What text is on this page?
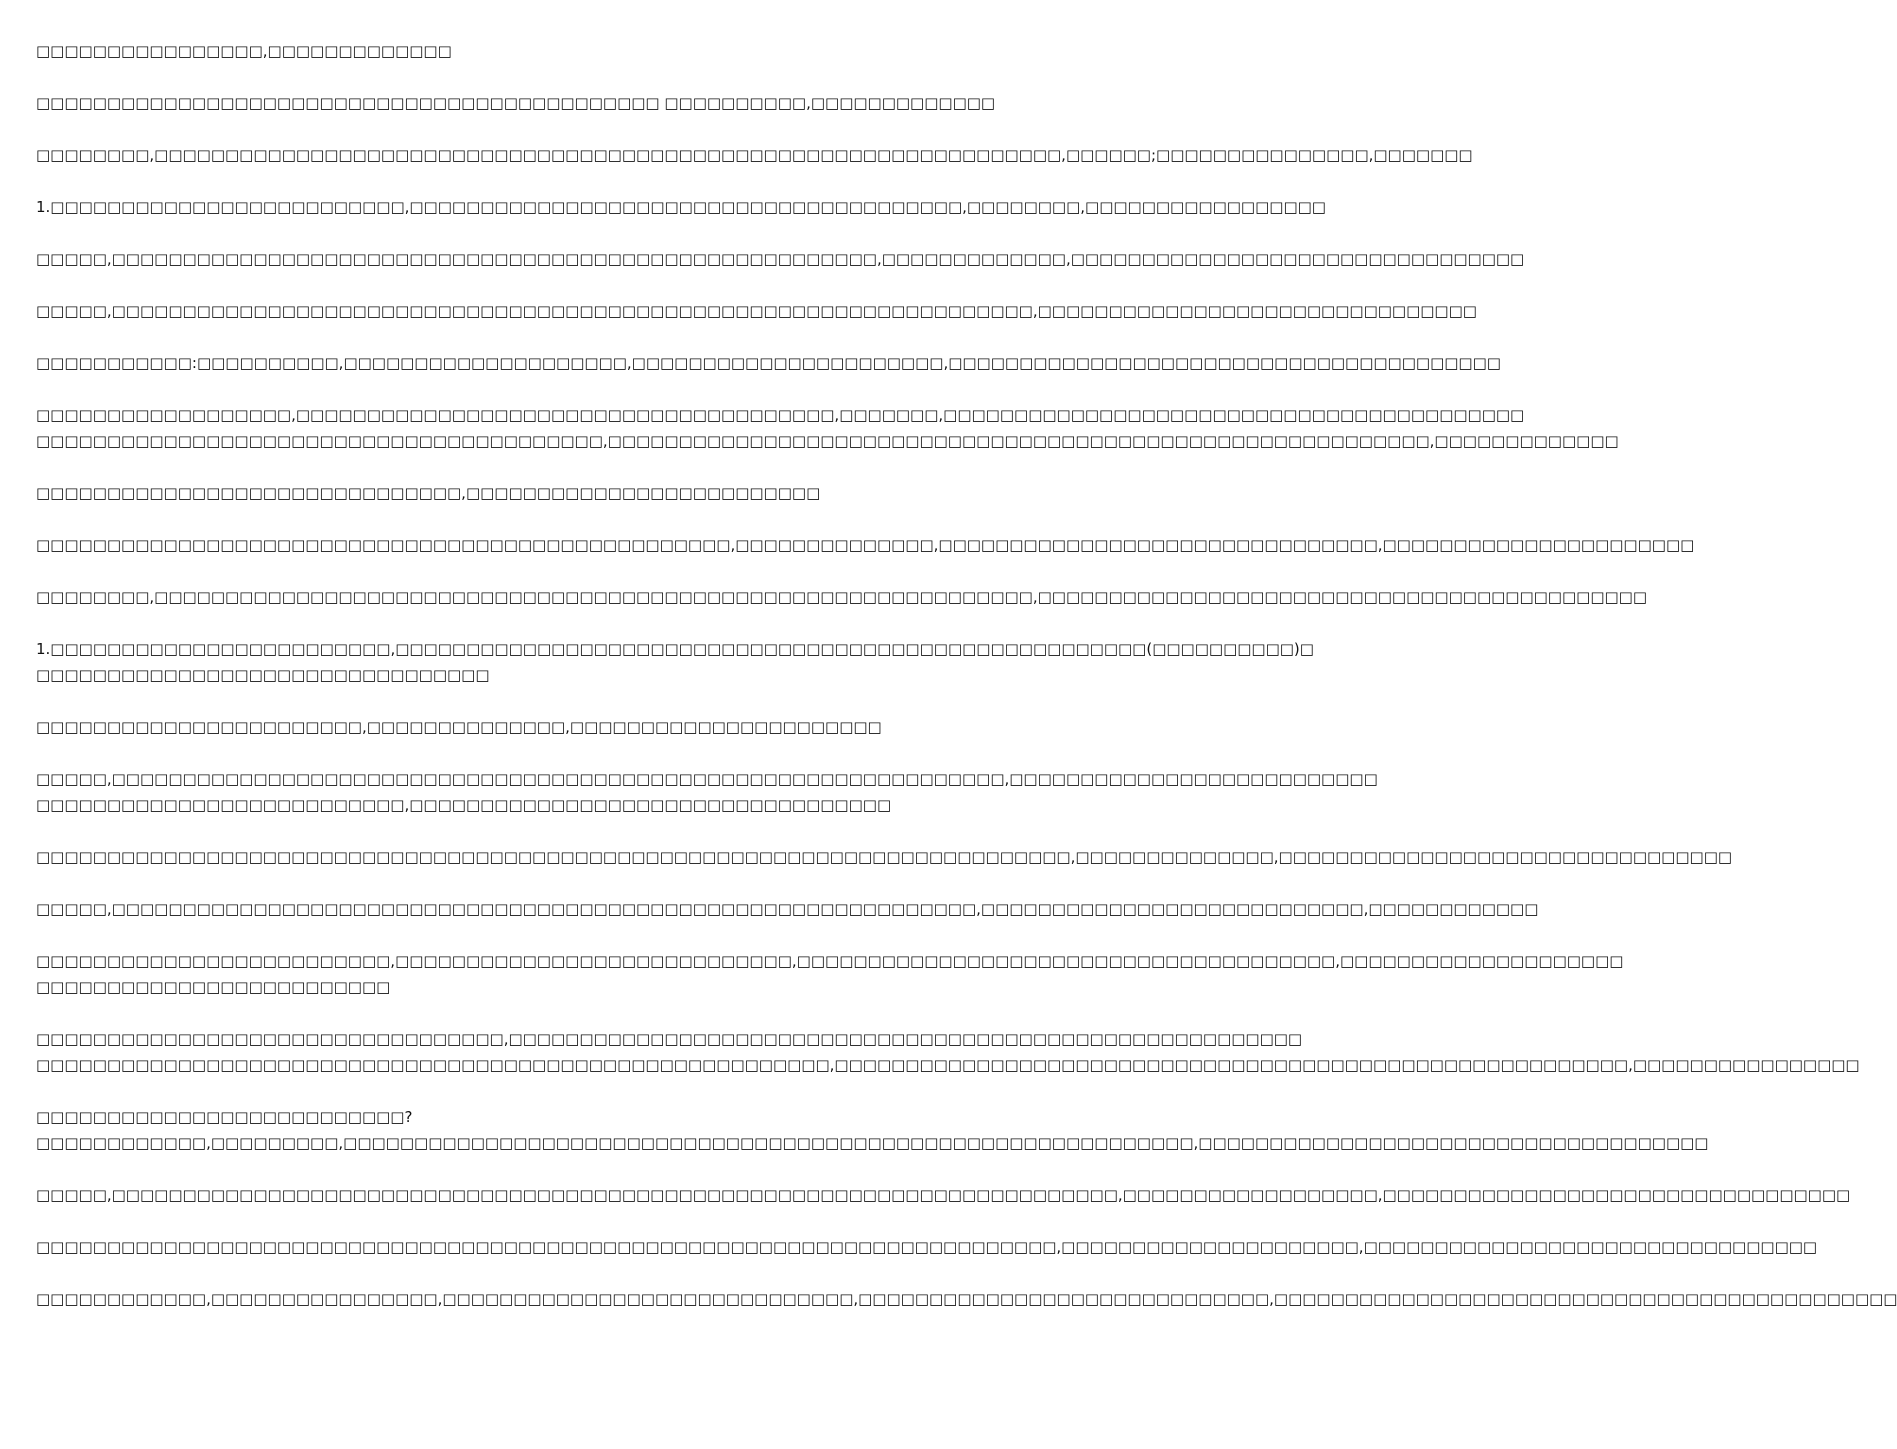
□□□□□□□□□□□□□□□□,□□□□□□□□□□□□□

□□□□□□□□□□□□□□□□□□□□□□□□□□□□□□□□□□□□□□□□□□□□ □□□□□□□□□□,□□□□□□□□□□□□□

□□□□□□□□,□□□□□□□□□□□□□□□□□□□□□□□□□□□□□□□□□□□□□□□□□□□□□□□□□□□□□□□□□□□□□□□□,□□□□□□;□□□□□□□□□□□□□□□,□□□□□□□

1.□□□□□□□□□□□□□□□□□□□□□□□□□,□□□□□□□□□□□□□□□□□□□□□□□□□□□□□□□□□□□□□□□,□□□□□□□□,□□□□□□□□□□□□□□□□□

□□□□□,□□□□□□□□□□□□□□□□□□□□□□□□□□□□□□□□□□□□□□□□□□□□□□□□□□□□□□,□□□□□□□□□□□□□,□□□□□□□□□□□□□□□□□□□□□□□□□□□□□□□□

□□□□□,□□□□□□□□□□□□□□□□□□□□□□□□□□□□□□□□□□□□□□□□□□□□□□□□□□□□□□□□□□□□□□□□□,□□□□□□□□□□□□□□□□□□□□□□□□□□□□□□□

□□□□□□□□□□□:□□□□□□□□□□,□□□□□□□□□□□□□□□□□□□□,□□□□□□□□□□□□□□□□□□□□□□,□□□□□□□□□□□□□□□□□□□□□□□□□□□□□□□□□□□□□□□

□□□□□□□□□□□□□□□□□□,□□□□□□□□□□□□□□□□□□□□□□□□□□□□□□□□□□□□□□,□□□□□□□,□□□□□□□□□□□□□□□□□□□□□□□□□□□□□□□□□□□□□□□□□
□□□□□□□□□□□□□□□□□□□□□□□□□□□□□□□□□□□□□□□□,□□□□□□□□□□□□□□□□□□□□□□□□□□□□□□□□□□□□□□□□□□□□□□□□□□□□□□□□□□,□□□□□□□□□□□□□

□□□□□□□□□□□□□□□□□□□□□□□□□□□□□□,□□□□□□□□□□□□□□□□□□□□□□□□□

□□□□□□□□□□□□□□□□□□□□□□□□□□□□□□□□□□□□□□□□□□□□□□□□□,□□□□□□□□□□□□□□,□□□□□□□□□□□□□□□□□□□□□□□□□□□□□□□,□□□□□□□□□□□□□□□□□□□□□□

□□□□□□□□,□□□□□□□□□□□□□□□□□□□□□□□□□□□□□□□□□□□□□□□□□□□□□□□□□□□□□□□□□□□□□□,□□□□□□□□□□□□□□□□□□□□□□□□□□□□□□□□□□□□□□□□□□□

1.□□□□□□□□□□□□□□□□□□□□□□□□,□□□□□□□□□□□□□□□□□□□□□□□□□□□□□□□□□□□□□□□□□□□□□□□□□□□□□(□□□□□□□□□□)□
□□□□□□□□□□□□□□□□□□□□□□□□□□□□□□□□

□□□□□□□□□□□□□□□□□□□□□□□,□□□□□□□□□□□□□□,□□□□□□□□□□□□□□□□□□□□□□

□□□□□,□□□□□□□□□□□□□□□□□□□□□□□□□□□□□□□□□□□□□□□□□□□□□□□□□□□□□□□□□□□□□□□,□□□□□□□□□□□□□□□□□□□□□□□□□□
□□□□□□□□□□□□□□□□□□□□□□□□□□,□□□□□□□□□□□□□□□□□□□□□□□□□□□□□□□□□□

□□□□□□□□□□□□□□□□□□□□□□□□□□□□□□□□□□□□□□□□□□□□□□□□□□□□□□□□□□□□□□□□□□□□□□□□□,□□□□□□□□□□□□□□,□□□□□□□□□□□□□□□□□□□□□□□□□□□□□□□□

□□□□□,□□□□□□□□□□□□□□□□□□□□□□□□□□□□□□□□□□□□□□□□□□□□□□□□□□□□□□□□□□□□□,□□□□□□□□□□□□□□□□□□□□□□□□□□□,□□□□□□□□□□□□

□□□□□□□□□□□□□□□□□□□□□□□□□,□□□□□□□□□□□□□□□□□□□□□□□□□□□□,□□□□□□□□□□□□□□□□□□□□□□□□□□□□□□□□□□□□□□,□□□□□□□□□□□□□□□□□□□□
□□□□□□□□□□□□□□□□□□□□□□□□□

□□□□□□□□□□□□□□□□□□□□□□□□□□□□□□□□□,□□□□□□□□□□□□□□□□□□□□□□□□□□□□□□□□□□□□□□□□□□□□□□□□□□□□□□□□
□□□□□□□□□□□□□□□□□□□□□□□□□□□□□□□□□□□□□□□□□□□□□□□□□□□□□□□□,□□□□□□□□□□□□□□□□□□□□□□□□□□□□□□□□□□□□□□□□□□□□□□□□□□□□□□□□,□□□□□□□□□□□□□□□□

□□□□□□□□□□□□□□□□□□□□□□□□□□?
□□□□□□□□□□□□,□□□□□□□□□,□□□□□□□□□□□□□□□□□□□□□□□□□□□□□□□□□□□□□□□□□□□□□□□□□□□□□□□□□□□□,□□□□□□□□□□□□□□□□□□□□□□□□□□□□□□□□□□□□

□□□□□,□□□□□□□□□□□□□□□□□□□□□□□□□□□□□□□□□□□□□□□□□□□□□□□□□□□□□□□□□□□□□□□□□□□□□□□,□□□□□□□□□□□□□□□□□□,□□□□□□□□□□□□□□□□□□□□□□□□□□□□□□□□□

□□□□□□□□□□□□□□□□□□□□□□□□□□□□□□□□□□□□□□□□□□□□□□□□□□□□□□□□□□□□□□□□□□□□□□□□,□□□□□□□□□□□□□□□□□□□□□,□□□□□□□□□□□□□□□□□□□□□□□□□□□□□□□□

□□□□□□□□□□□□,□□□□□□□□□□□□□□□□,□□□□□□□□□□□□□□□□□□□□□□□□□□□□□,□□□□□□□□□□□□□□□□□□□□□□□□□□□□□,□□□□□□□□□□□□□□□□□□□□□□□□□□□□□□□□□□□□□□□□□□□□
